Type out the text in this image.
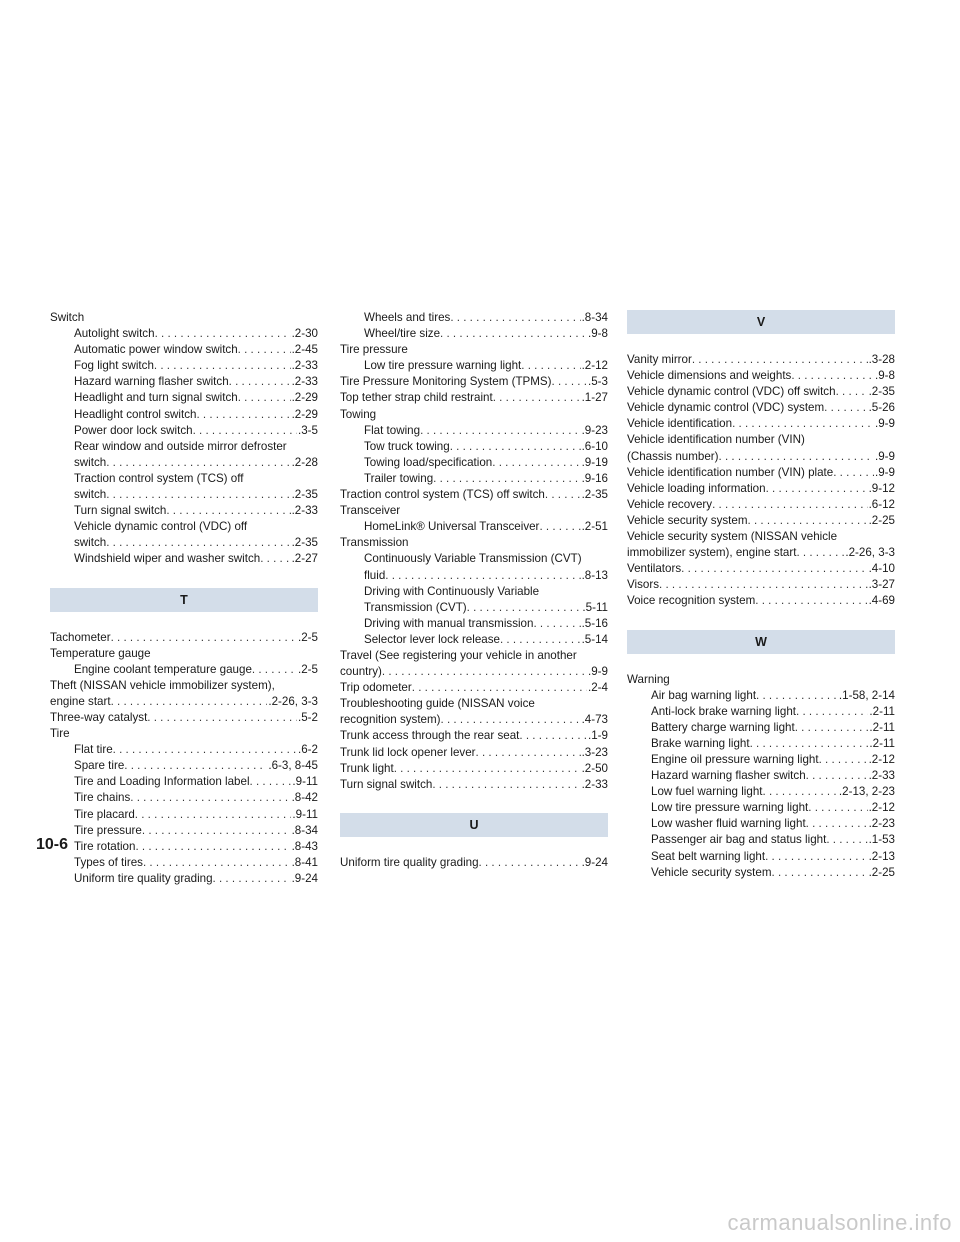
Switch
Autolight switch . . .	.2-30
Automatic power window switch . . .	.2-45
Fog light switch . . .	.2-33
Hazard warning flasher switch . . .	.2-33
Headlight and turn signal switch . . .	.2-29
Headlight control switch . . .	.2-29
Power door lock switch . . .	.3-5
Rear window and outside mirror defroster
switch . . .	.2-28
Traction control system (TCS) off
switch . . .	.2-35
Turn signal switch . . .	.2-33
Vehicle dynamic control (VDC) off
switch . . .	.2-35
Windshield wiper and washer switch . . .	.2-27
T
Tachometer . . .	.2-5
Temperature gauge
Engine coolant temperature gauge . . .	.2-5
Theft (NISSAN vehicle immobilizer system),
engine start . . .	.2-26, 3-3
Three-way catalyst . . .	.5-2
Tire
Flat tire . . .	.6-2
Spare tire . . .	.6-3, 8-45
Tire and Loading Information label . . .	.9-11
Tire chains . . .	.8-42
Tire placard . . .	.9-11
Tire pressure . . .	.8-34
Tire rotation . . .	.8-43
Types of tires . . .	.8-41
Uniform tire quality grading . . .	.9-24
Wheels and tires . . .	.8-34
Wheel/tire size . . .	.9-8
Tire pressure
Low tire pressure warning light . . .	.2-12
Tire Pressure Monitoring System (TPMS) . . .	.5-3
Top tether strap child restraint . . .	.1-27
Towing
Flat towing . . .	.9-23
Tow truck towing . . .	.6-10
Towing load/specification . . .	.9-19
Trailer towing . . .	.9-16
Traction control system (TCS) off switch . . .	.2-35
Transceiver
HomeLink® Universal Transceiver . . .	.2-51
Transmission
Continuously Variable Transmission (CVT)
fluid . . .	.8-13
Driving with Continuously Variable
Transmission (CVT) . . .	.5-11
Driving with manual transmission . . .	.5-16
Selector lever lock release . . .	.5-14
Travel (See registering your vehicle in another
country) . . .	.9-9
Trip odometer . . .	.2-4
Troubleshooting guide (NISSAN voice
recognition system) . . .	.4-73
Trunk access through the rear seat . . .	.1-9
Trunk lid lock opener lever . . .	.3-23
Trunk light . . .	.2-50
Turn signal switch . . .	.2-33
U
Uniform tire quality grading . . .	.9-24
V
Vanity mirror . . .	.3-28
Vehicle dimensions and weights . . .	.9-8
Vehicle dynamic control (VDC) off switch . . .	.2-35
Vehicle dynamic control (VDC) system . . .	.5-26
Vehicle identification . . .	.9-9
Vehicle identification number (VIN)
(Chassis number) . . .	.9-9
Vehicle identification number (VIN) plate . . .	.9-9
Vehicle loading information . . .	.9-12
Vehicle recovery . . .	.6-12
Vehicle security system . . .	.2-25
Vehicle security system (NISSAN vehicle
immobilizer system), engine start . . .	.2-26, 3-3
Ventilators . . .	.4-10
Visors . . .	.3-27
Voice recognition system . . .	.4-69
W
Warning
Air bag warning light . . .	.1-58, 2-14
Anti-lock brake warning light . . .	.2-11
Battery charge warning light . . .	.2-11
Brake warning light . . .	.2-11
Engine oil pressure warning light . . .	.2-12
Hazard warning flasher switch . . .	.2-33
Low fuel warning light . . .	.2-13, 2-23
Low tire pressure warning light . . .	.2-12
Low washer fluid warning light . . .	.2-23
Passenger air bag and status light . . .	.1-53
Seat belt warning light . . .	.2-13
Vehicle security system . . .	.2-25
10-6
carmanualsonline.info
